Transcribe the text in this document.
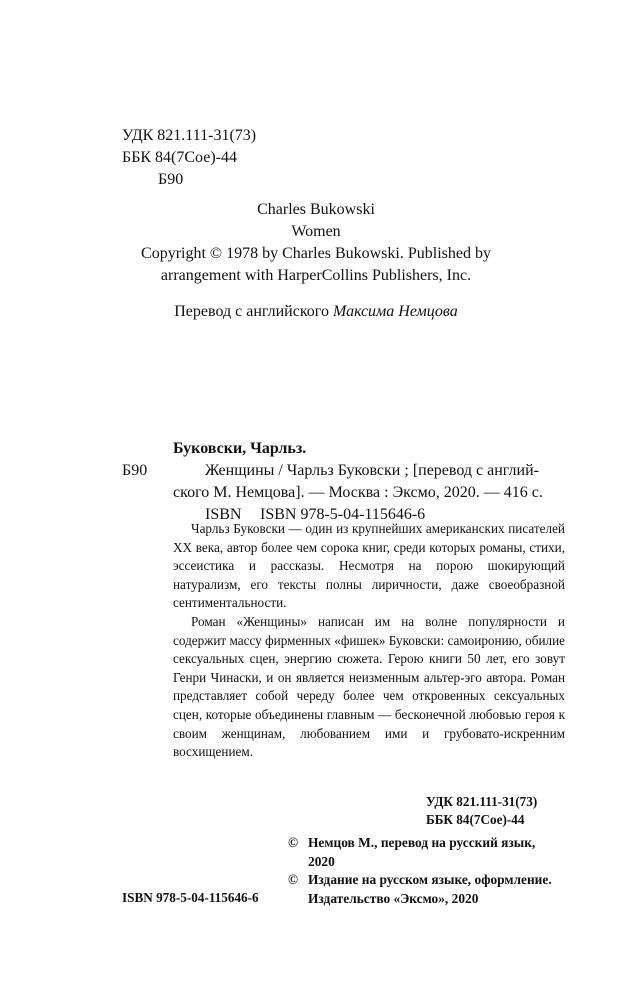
УДК 821.111-31(73)
ББК 84(7Сое)-44
Б90
Charles Bukowski
Women
Copyright © 1978 by Charles Bukowski. Published by
arrangement with HarperCollins Publishers, Inc.
Перевод с английского Максима Немцова
Буковски, Чарльз.
Б90	Женщины / Чарльз Буковски ; [перевод с англий-
ского М. Немцова]. — Москва : Эксмо, 2020. — 416 с.
ISBN ISBN 978-5-04-115646-6

Чарльз Буковски — один из крупнейших американских писателей XX века, автор более чем сорока книг, среди которых романы, стихи, эссеистика и рассказы. Несмотря на порою шокирующий натурализм, его тексты полны лиричности, даже своеобразной сентиментальности.

Роман «Женщины» написан им на волне популярности и содержит массу фирменных «фишек» Буковски: самоиронию, обилие сексуальных сцен, энергию сюжета. Герою книги 50 лет, его зовут Генри Чинаски, и он является неизменным альтер-эго автора. Роман представляет собой череду более чем откровенных сексуальных сцен, которые объединены главным — бесконечной любовью героя к своим женщинам, любованием ими и грубовато-искренним восхищением.

УДК 821.111-31(73)
ББК 84(7Сое)-44
ISBN 978-5-04-115646-6
© Немцов М., перевод на русский язык,
2020
© Издание на русском языке, оформление.
Издательство «Эксмо», 2020
